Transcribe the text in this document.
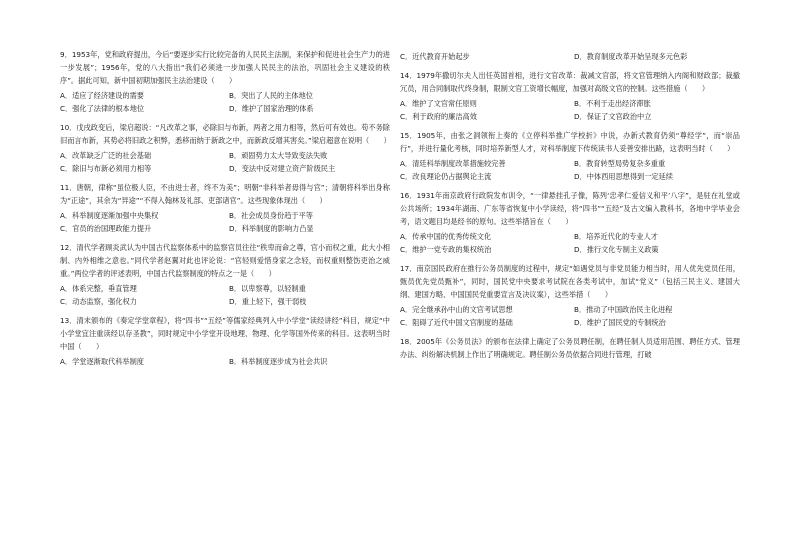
9．1953年，党和政府提出，今后“要逐步实行比较完备的人民民主法制，来保护和促进社会生产力的进一步发展”；1956年，党的八大指出“我们必须进一步加强人民民主的法治，巩固社会主义建设的秩序”。据此可知，新中国初期加强民主法治建设（　　）

A．适应了经济建设的需要	B．突出了人民的主体地位
C．强化了法律的根本地位	D．维护了国家治理的体系

10．戊戌政变后，梁启超说：“凡改革之事，必除旧与布新，两者之用力相等，然后可有效也。苟不务除旧而言布新，其势必将旧政之积弊，悉移而纳于新政之中，而新政反增其害矣。”梁启超意在说明（　　）

A．改革缺乏广泛的社会基础	B．顽固势力太大导致变法失败
C．除旧与布新必须用力相等	D．变法中反对建立资产阶级民主

11．唐朝，律称“虽位极人臣，不由进士者，终不为美”；明朝“非科举者毋得与官”；清朝将科举出身称为“正途”，其余为“异途”“不得入翰林及礼部、吏部诸官”。这些现象体现出（　　）

A．科举制度逐渐加强中央集权	B．社会成员身份趋于平等
C．官员的治国理政能力提升	D．科举制度的影响力凸显

12．清代学者顾炎武认为中国古代监察体系中的监察官员往往“秩卑而命之尊，官小而权之重，此大小相制、内外相维之意也。”同代学者赵翼对此也评论说：“官轻则爱惜身家之念轻，而权重则整饬吏治之威重。”两位学者的评述表明，中国古代监察制度的特点之一是（　　）

A．体系完整，垂直管理	B．以卑察尊，以轻制重
C．动态监察，强化权力	D．重上轻下，强干弱枝

13．清末颁布的《奏定学堂章程》，将“四书”“五经”等儒家经典列入中小学堂“读经讲经”科目，规定“中小学堂宜注重读经以存圣教”，同时规定中小学堂开设地理、物理、化学等国外传来的科目。这表明当时中国（　　）

A．学堂逐渐取代科举制度	B．科举制度逐步成为社会共识
C．近代教育开始起步	D．教育制度改革开始呈现多元色彩

14．1979年撒切尔夫人出任英国首相，进行文官改革：裁减文官部，将文官管理纳入内阁和财政部；裁撤冗员，用合同制取代终身制，限制文官工资增长幅度，加强对高级文官的控制。这些措施（　　）

A．维护了文官常任原则	B．不利于走出经济滞胀
C．利于政府的廉洁高效	D．保证了文官政治中立

15．1905年，由张之洞领衔上奏的《立停科举推广学校折》中说，办新式教育仍须“尊经学”，而“崇品行”，并进行量化考核，同时培养新型人才，对科举制度下传统读书人妥善安排出路，这表明当时（　　）

A．清廷科举制度改革措施较完善	B．教育转型局势复杂多重重
C．改良理论仍占据舆论主流	D．中体西用思想得到一定延续

16．1931年南京政府行政院发布训令，“一律悬挂孔子像，陈列‘忠孝仁爱信义和平’八字”，是驻在礼堂或公共场所；1934年湖南、广东等省恢复中小学读经，将“四书”“五经”及古文编入教科书，各地中学毕业会考，语文题目均是经书的原句。这些举措旨在（　　）

A．传承中国的优秀传统文化	B．培养近代化的专业人才
C．维护一党专政的集权统治	D．推行文化专制主义政策

17．南京国民政府在推行公务员制度的过程中，规定“如遇党员与非党员能力相当时，用人优先党员任用，甄员优先党员甄补”，同时，国民党中央要求考试院在各类考试中，加试“党义”（包括三民主义、建国大纲、建国方略、中国国民党重要宣言及决议案），这些举措（　　）

A．完全继承孙中山的文官考试思想	B．推动了中国政治民主化进程
C．阻碍了近代中国文官制度的基础	D．维护了国民党的专制统治

18．2005年《公务员法》的颁布在法律上确定了公务员聘任制，在聘任制人员适用范围、聘任方式、管理办法、纠纷解决机制上作出了明确规定。聘任制公务员依据合同进行管理，打破
